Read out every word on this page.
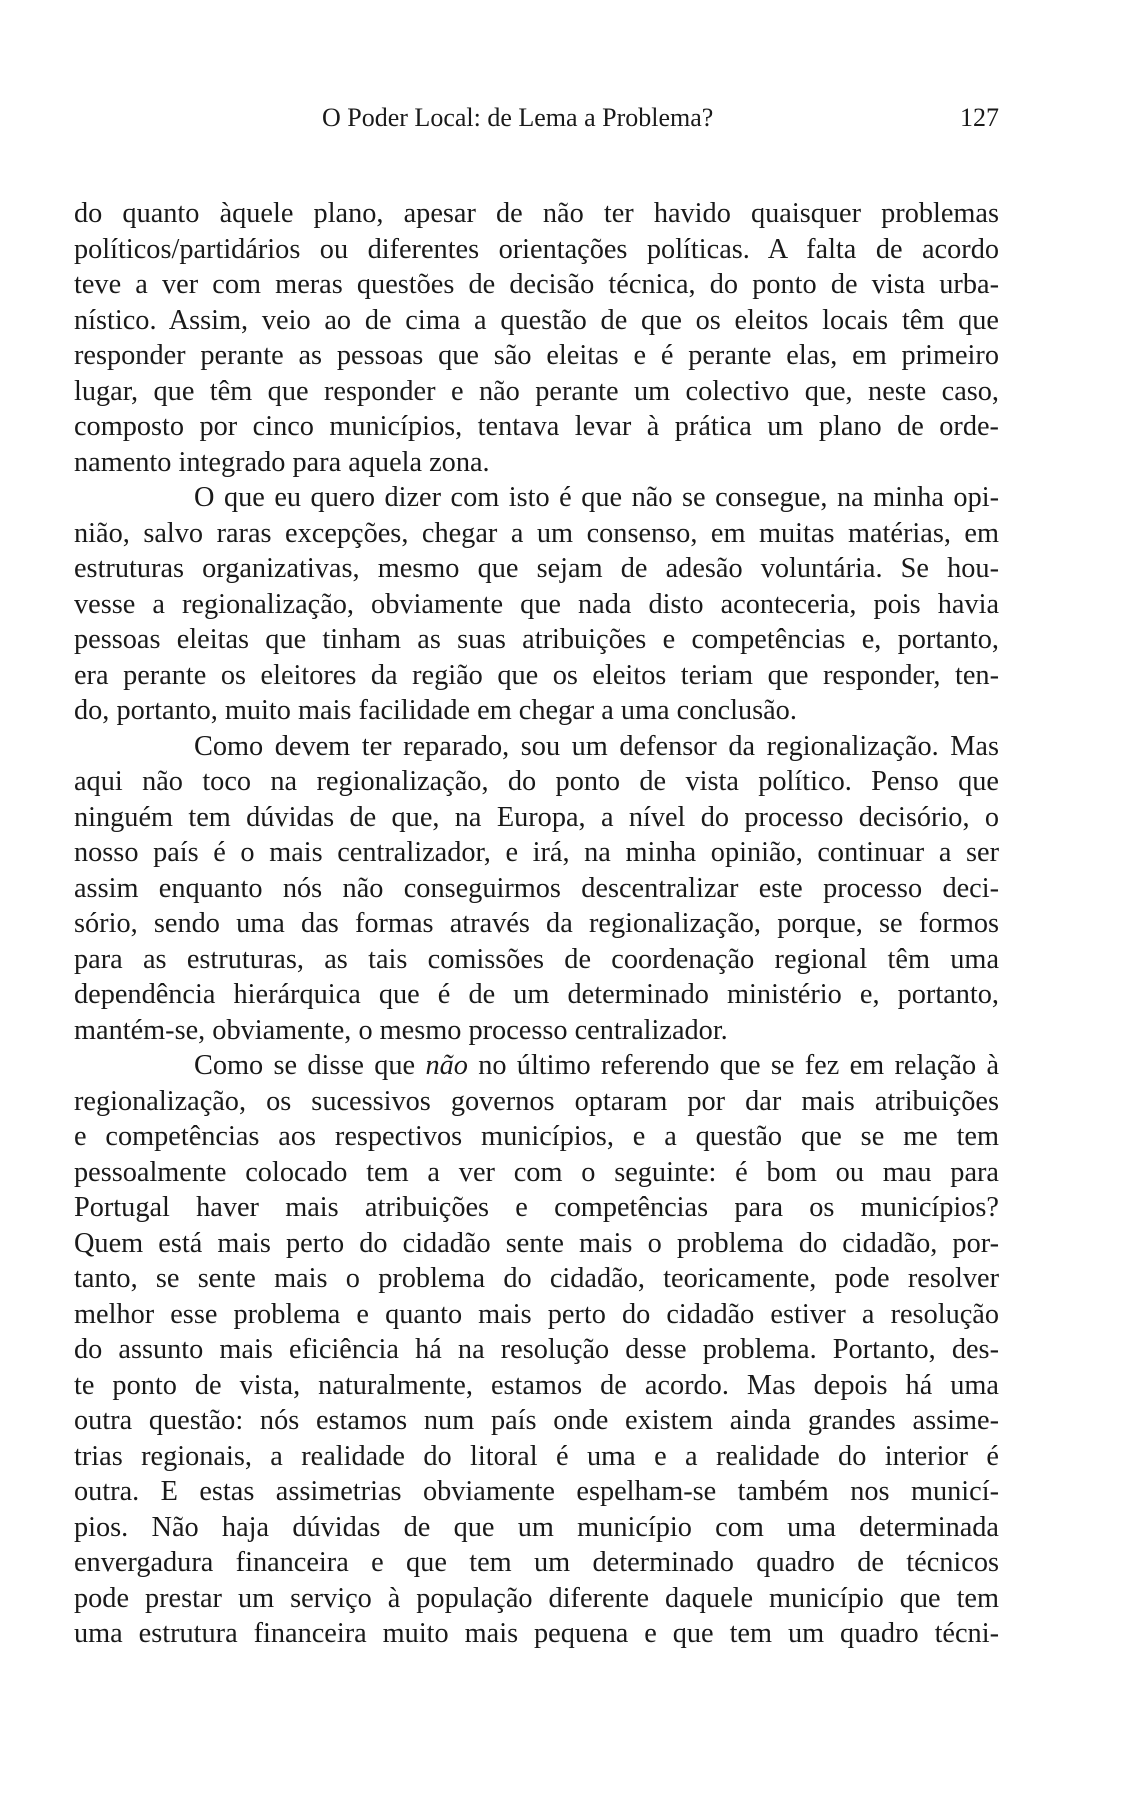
O Poder Local: de Lema a Problema?	127

do quanto àquele plano, apesar de não ter havido quaisquer problemas
políticos/partidários ou diferentes orientações políticas. A falta de acordo
teve a ver com meras questões de decisão técnica, do ponto de vista urba-
nístico. Assim, veio ao de cima a questão de que os eleitos locais têm que
responder perante as pessoas que são eleitas e é perante elas, em primeiro
lugar, que têm que responder e não perante um colectivo que, neste caso,
composto por cinco municípios, tentava levar à prática um plano de orde-
namento integrado para aquela zona.

O que eu quero dizer com isto é que não se consegue, na minha opi-
nião, salvo raras excepções, chegar a um consenso, em muitas matérias, em
estruturas organizativas, mesmo que sejam de adesão voluntária. Se hou-
vesse a regionalização, obviamente que nada disto aconteceria, pois havia
pessoas eleitas que tinham as suas atribuições e competências e, portanto,
era perante os eleitores da região que os eleitos teriam que responder, ten-
do, portanto, muito mais facilidade em chegar a uma conclusão.

Como devem ter reparado, sou um defensor da regionalização. Mas
aqui não toco na regionalização, do ponto de vista político. Penso que
ninguém tem dúvidas de que, na Europa, a nível do processo decisório, o
nosso país é o mais centralizador, e irá, na minha opinião, continuar a ser
assim enquanto nós não conseguirmos descentralizar este processo deci-
sório, sendo uma das formas através da regionalização, porque, se formos
para as estruturas, as tais comissões de coordenação regional têm uma
dependência hierárquica que é de um determinado ministério e, portanto,
mantém-se, obviamente, o mesmo processo centralizador.

Como se disse que não no último referendo que se fez em relação à
regionalização, os sucessivos governos optaram por dar mais atribuições
e competências aos respectivos municípios, e a questão que se me tem
pessoalmente colocado tem a ver com o seguinte: é bom ou mau para
Portugal haver mais atribuições e competências para os municípios?
Quem está mais perto do cidadão sente mais o problema do cidadão, por-
tanto, se sente mais o problema do cidadão, teoricamente, pode resolver
melhor esse problema e quanto mais perto do cidadão estiver a resolução
do assunto mais eficiência há na resolução desse problema. Portanto, des-
te ponto de vista, naturalmente, estamos de acordo. Mas depois há uma
outra questão: nós estamos num país onde existem ainda grandes assime-
trias regionais, a realidade do litoral é uma e a realidade do interior é
outra. E estas assimetrias obviamente espelham-se também nos municí-
pios. Não haja dúvidas de que um município com uma determinada
envergadura financeira e que tem um determinado quadro de técnicos
pode prestar um serviço à população diferente daquele município que tem
uma estrutura financeira muito mais pequena e que tem um quadro técni-
